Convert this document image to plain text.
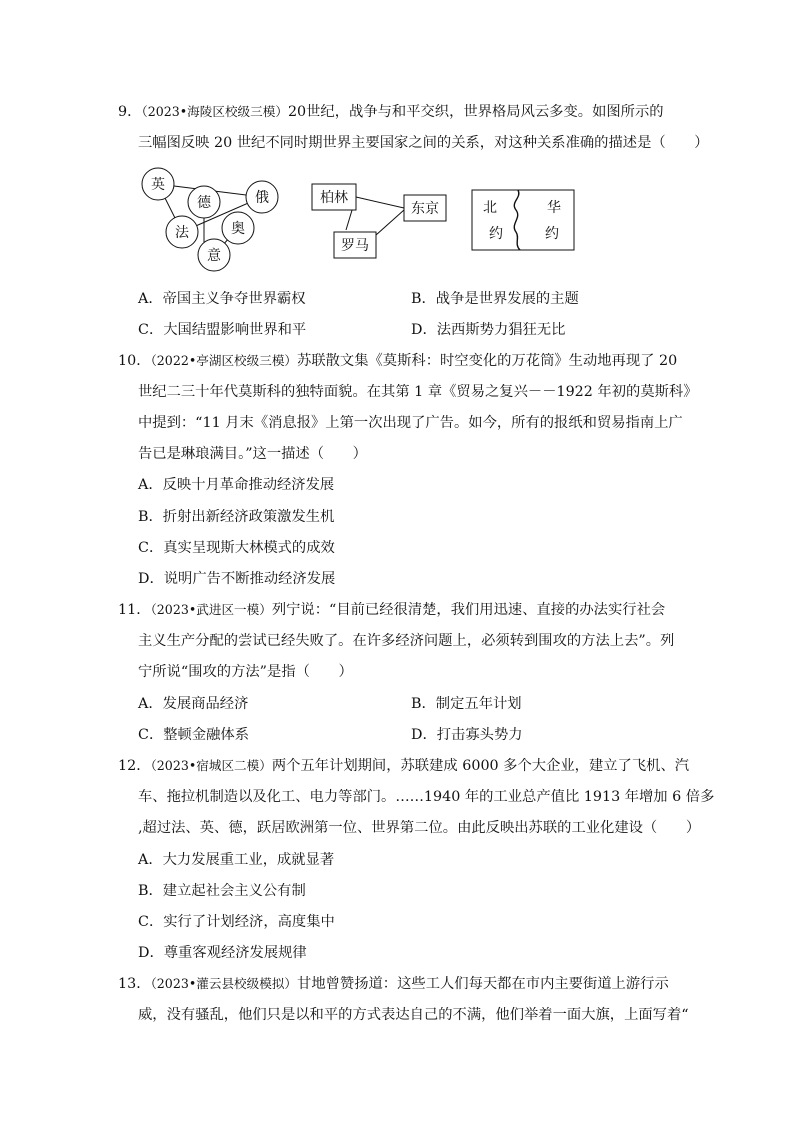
9．（2023•海陵区校级三模）20世纪，战争与和平交织，世界格局风云多变。如图所示的
三幅图反映 20 世纪不同时期世界主要国家之间的关系，对这种关系准确的描述是（　　）
英
德	俄
法	奥
意
柏林
东京
罗马
北
约
华
约
A．帝国主义争夺世界霸权	B．战争是世界发展的主题
C．大国结盟影响世界和平	D．法西斯势力猖狂无比
10．（2022•亭湖区校级三模）苏联散文集《莫斯科：时空变化的万花筒》生动地再现了 20
世纪二三十年代莫斯科的独特面貌。在其第 1 章《贸易之复兴－－1922 年初的莫斯科》
中提到：“11 月末《消息报》上第一次出现了广告。如今，所有的报纸和贸易指南上广
告已是琳琅满目。”这一描述（　　）
A．反映十月革命推动经济发展
B．折射出新经济政策激发生机
C．真实呈现斯大林模式的成效
D．说明广告不断推动经济发展
11．（2023•武进区一模）列宁说：“目前已经很清楚，我们用迅速、直接的办法实行社会
主义生产分配的尝试已经失败了。在许多经济问题上，必须转到围攻的方法上去”。列
宁所说“围攻的方法”是指（　　）
A．发展商品经济	B．制定五年计划
C．整顿金融体系	D．打击寡头势力
12．（2023•宿城区二模）两个五年计划期间，苏联建成 6000 多个大企业，建立了飞机、汽
车、拖拉机制造以及化工、电力等部门。……1940 年的工业总产值比 1913 年增加 6 倍多
,超过法、英、德，跃居欧洲第一位、世界第二位。由此反映出苏联的工业化建设（　　）
A．大力发展重工业，成就显著
B．建立起社会主义公有制
C．实行了计划经济，高度集中
D．尊重客观经济发展规律
13．（2023•灌云县校级模拟）甘地曾赞扬道：这些工人们每天都在市内主要街道上游行示
威，没有骚乱，他们只是以和平的方式表达自己的不满，他们举着一面大旗，上面写着“
